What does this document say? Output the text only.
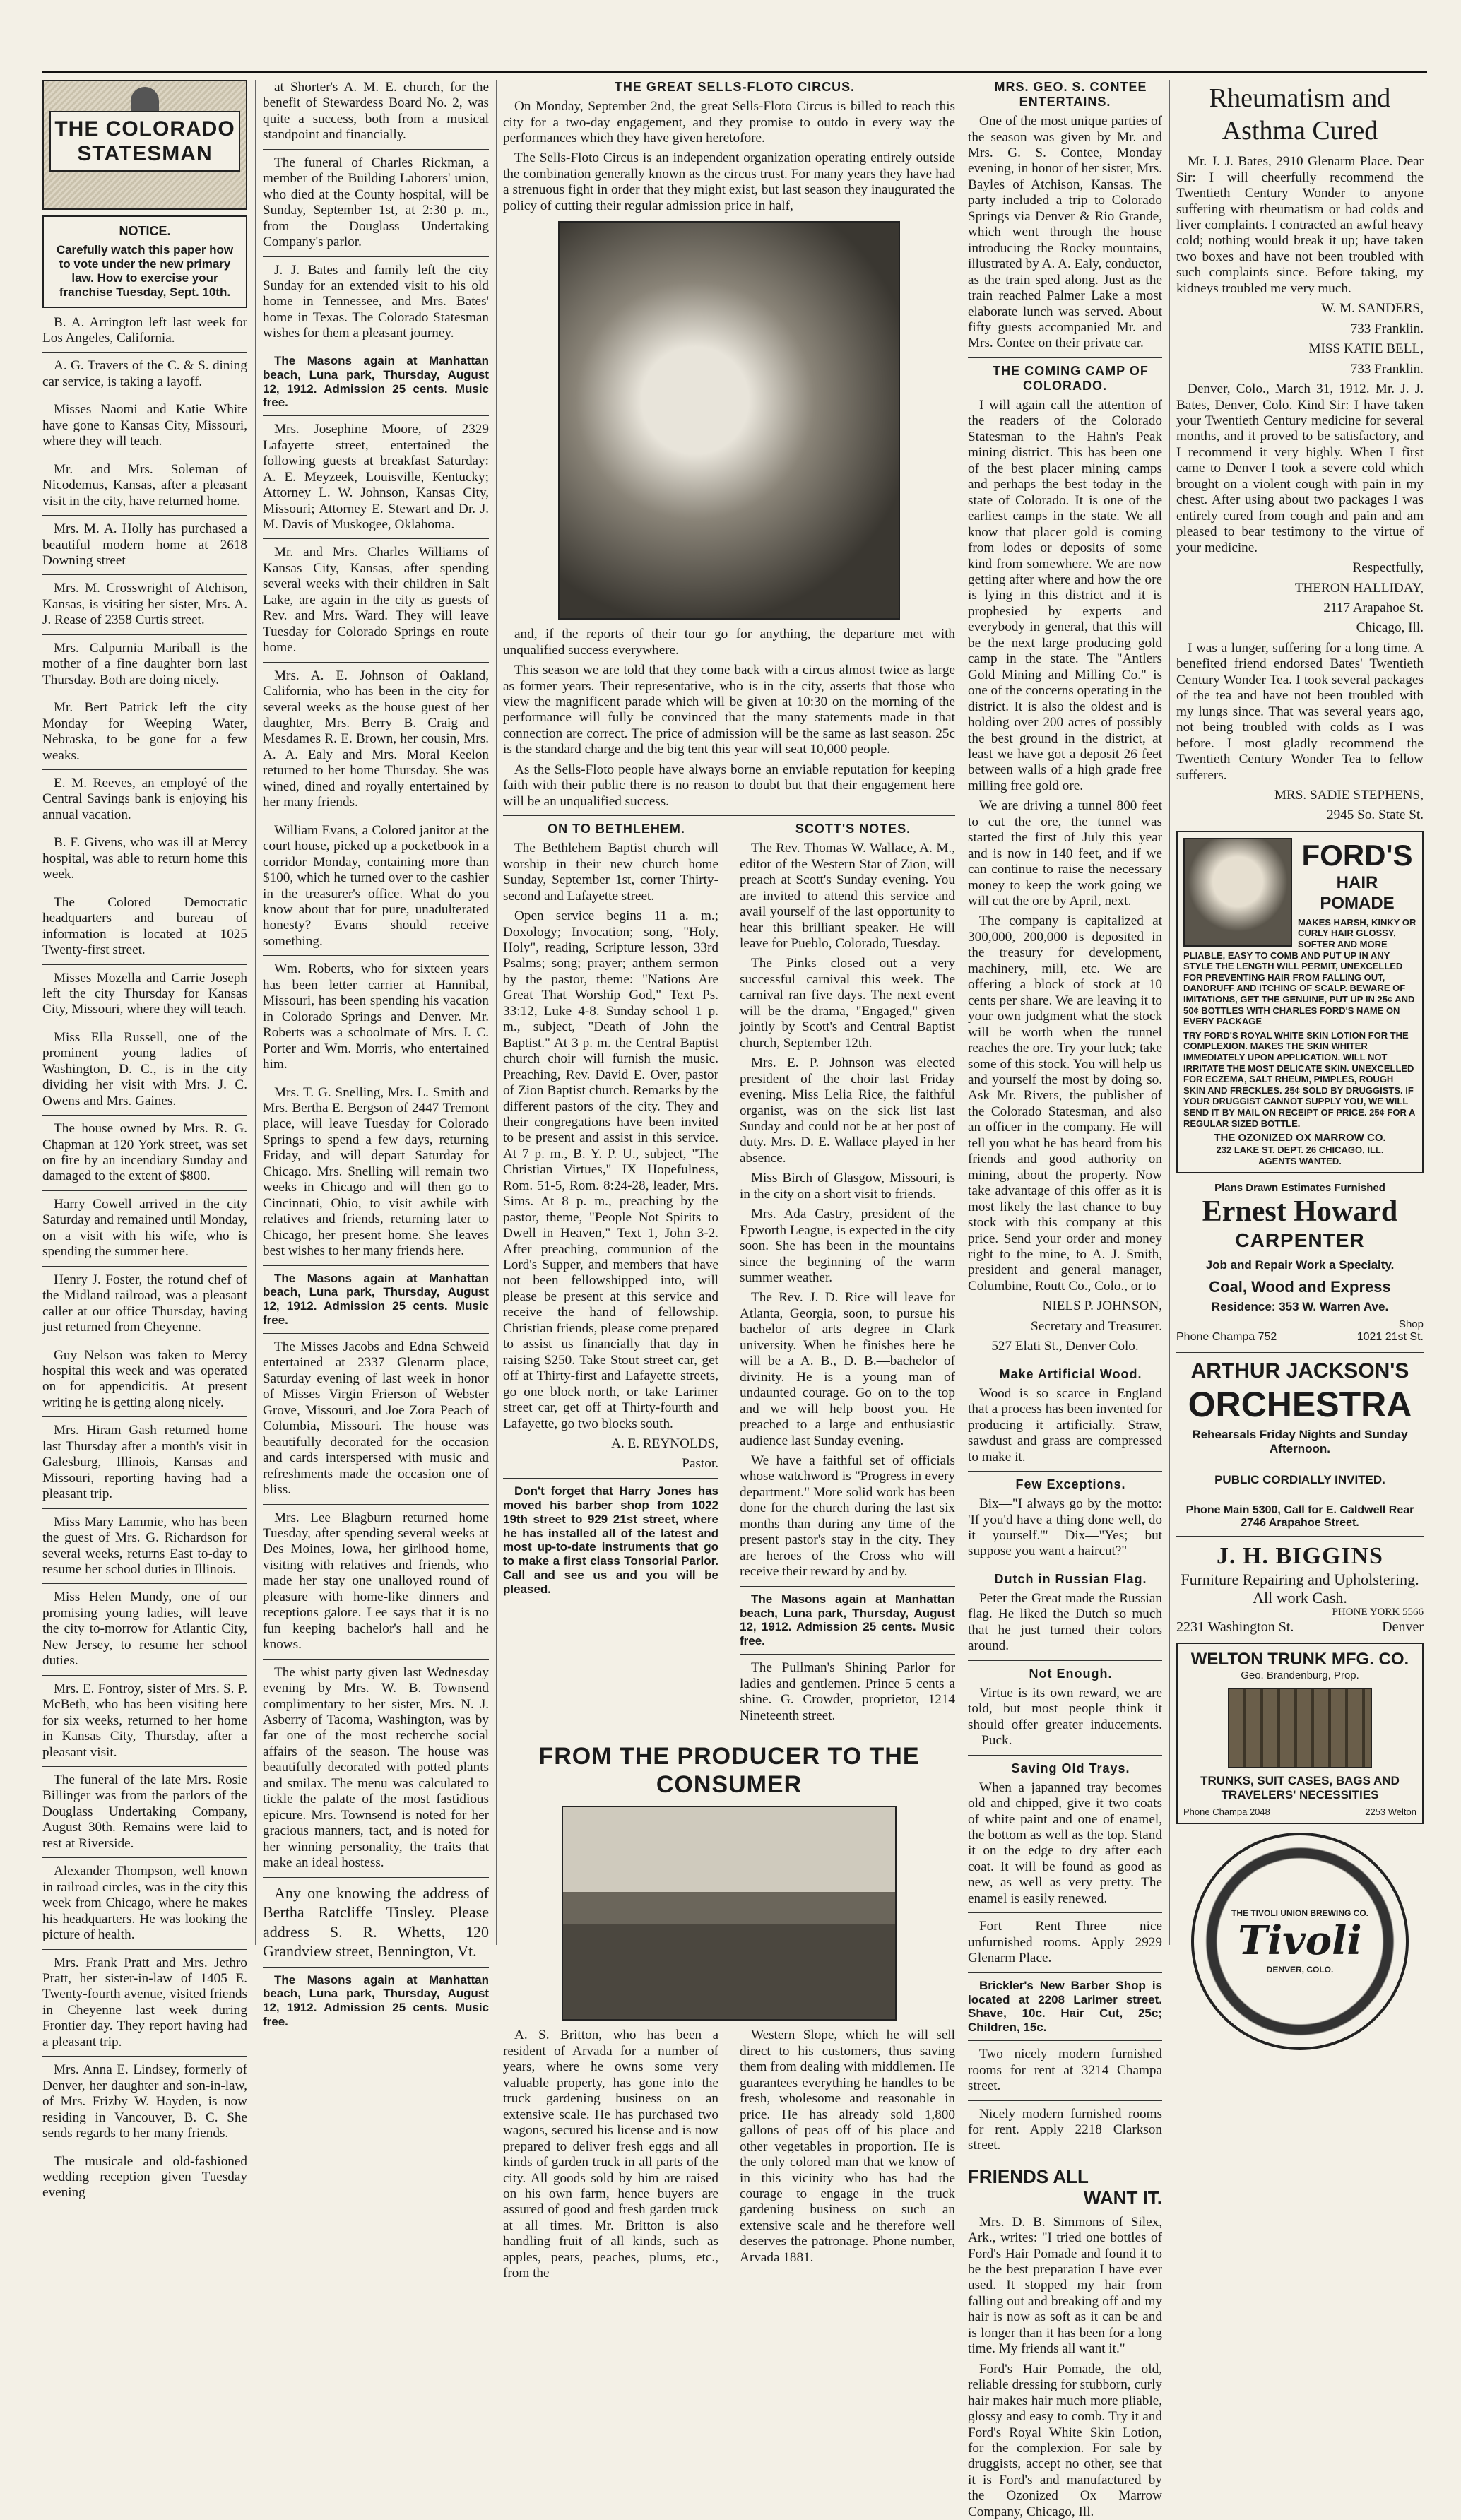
THE COLORADO STATESMAN
NOTICE.
Carefully watch this paper how to vote under the new primary law. How to exercise your franchise Tuesday, Sept. 10th.

B. A. Arrington left last week for Los Angeles, California.

A. G. Travers of the C. & S. dining car service, is taking a layoff.

Misses Naomi and Katie White have gone to Kansas City, Missouri, where they will teach.

Mr. and Mrs. Soleman of Nicodemus, Kansas, after a pleasant visit in the city, have returned home.

Mrs. M. A. Holly has purchased a beautiful modern home at 2618 Downing street

Mrs. M. Crosswright of Atchison, Kansas, is visiting her sister, Mrs. A. J. Rease of 2358 Curtis street.

Mrs. Calpurnia Mariball is the mother of a fine daughter born last Thursday. Both are doing nicely.

Mr. Bert Patrick left the city Monday for Weeping Water, Nebraska, to be gone for a few weaks.

E. M. Reeves, an employé of the Central Savings bank is enjoying his annual vacation.

B. F. Givens, who was ill at Mercy hospital, was able to return home this week.

The Colored Democratic headquarters and bureau of information is located at 1025 Twenty-first street.

Misses Mozella and Carrie Joseph left the city Thursday for Kansas City, Missouri, where they will teach.

Miss Ella Russell, one of the prominent young ladies of Washington, D. C., is in the city dividing her visit with Mrs. J. C. Owens and Mrs. Gaines.

The house owned by Mrs. R. G. Chapman at 120 York street, was set on fire by an incendiary Sunday and damaged to the extent of $800.

Harry Cowell arrived in the city Saturday and remained until Monday, on a visit with his wife, who is spending the summer here.

Henry J. Foster, the rotund chef of the Midland railroad, was a pleasant caller at our office Thursday, having just returned from Cheyenne.

Guy Nelson was taken to Mercy hospital this week and was operated on for appendicitis. At present writing he is getting along nicely.

Mrs. Hiram Gash returned home last Thursday after a month's visit in Galesburg, Illinois, Kansas and Missouri, reporting having had a pleasant trip.

Miss Mary Lammie, who has been the guest of Mrs. G. Richardson for several weeks, returns East to-day to resume her school duties in Illinois.

Miss Helen Mundy, one of our promising young ladies, will leave the city to-morrow for Atlantic City, New Jersey, to resume her school duties.

Mrs. E. Fontroy, sister of Mrs. S. P. McBeth, who has been visiting here for six weeks, returned to her home in Kansas City, Thursday, after a pleasant visit.

The funeral of the late Mrs. Rosie Billinger was from the parlors of the Douglass Undertaking Company, August 30th. Remains were laid to rest at Riverside.

Alexander Thompson, well known in railroad circles, was in the city this week from Chicago, where he makes his headquarters. He was looking the picture of health.

Mrs. Frank Pratt and Mrs. Jethro Pratt, her sister-in-law of 1405 E. Twenty-fourth avenue, visited friends in Cheyenne last week during Frontier day. They report having had a pleasant trip.

Mrs. Anna E. Lindsey, formerly of Denver, her daughter and son-in-law, of Mrs. Frizby W. Hayden, is now residing in Vancouver, B. C. She sends regards to her many friends.

The musicale and old-fashioned wedding reception given Tuesday evening

at Shorter's A. M. E. church, for the benefit of Stewardess Board No. 2, was quite a success, both from a musical standpoint and financially.

The funeral of Charles Rickman, a member of the Building Laborers' union, who died at the County hospital, will be Sunday, September 1st, at 2:30 p. m., from the Douglass Undertaking Company's parlor.

J. J. Bates and family left the city Sunday for an extended visit to his old home in Tennessee, and Mrs. Bates' home in Texas. The Colorado Statesman wishes for them a pleasant journey.

The Masons again at Manhattan beach, Luna park, Thursday, August 12, 1912. Admission 25 cents. Music free.

Mrs. Josephine Moore, of 2329 Lafayette street, entertained the following guests at breakfast Saturday: A. E. Meyzeek, Louisville, Kentucky; Attorney L. W. Johnson, Kansas City, Missouri; Attorney E. Stewart and Dr. J. M. Davis of Muskogee, Oklahoma.

Mr. and Mrs. Charles Williams of Kansas City, Kansas, after spending several weeks with their children in Salt Lake, are again in the city as guests of Rev. and Mrs. Ward. They will leave Tuesday for Colorado Springs en route home.

Mrs. A. E. Johnson of Oakland, California, who has been in the city for several weeks as the house guest of her daughter, Mrs. Berry B. Craig and Mesdames R. E. Brown, her cousin, Mrs. A. A. Ealy and Mrs. Moral Keelon returned to her home Thursday. She was wined, dined and royally entertained by her many friends.

William Evans, a Colored janitor at the court house, picked up a pocketbook in a corridor Monday, containing more than $100, which he turned over to the cashier in the treasurer's office. What do you know about that for pure, unadulterated honesty? Evans should receive something.

Wm. Roberts, who for sixteen years has been letter carrier at Hannibal, Missouri, has been spending his vacation in Colorado Springs and Denver. Mr. Roberts was a schoolmate of Mrs. J. C. Porter and Wm. Morris, who entertained him.

Mrs. T. G. Snelling, Mrs. L. Smith and Mrs. Bertha E. Bergson of 2447 Tremont place, will leave Tuesday for Colorado Springs to spend a few days, returning Friday, and will depart Saturday for Chicago. Mrs. Snelling will remain two weeks in Chicago and will then go to Cincinnati, Ohio, to visit awhile with relatives and friends, returning later to Chicago, her present home. She leaves best wishes to her many friends here.

The Masons again at Manhattan beach, Luna park, Thursday, August 12, 1912. Admission 25 cents. Music free.

The Misses Jacobs and Edna Schweid entertained at 2337 Glenarm place, Saturday evening of last week in honor of Misses Virgin Frierson of Webster Grove, Missouri, and Joe Zora Peach of Columbia, Missouri. The house was beautifully decorated for the occasion and cards interspersed with music and refreshments made the occasion one of bliss.

Mrs. Lee Blagburn returned home Tuesday, after spending several weeks at Des Moines, Iowa, her girlhood home, visiting with relatives and friends, who made her stay one unalloyed round of pleasure with home-like dinners and receptions galore. Lee says that it is no fun keeping bachelor's hall and he knows.

The whist party given last Wednesday evening by Mrs. W. B. Townsend complimentary to her sister, Mrs. N. J. Asberry of Tacoma, Washington, was by far one of the most recherche social affairs of the season. The house was beautifully decorated with potted plants and smilax. The menu was calculated to tickle the palate of the most fastidious epicure. Mrs. Townsend is noted for her gracious manners, tact, and is noted for her winning personality, the traits that make an ideal hostess.

Any one knowing the address of Bertha Ratcliffe Tinsley. Please address S. R. Whetts, 120 Grandview street, Bennington, Vt.

The Masons again at Manhattan beach, Luna park, Thursday, August 12, 1912. Admission 25 cents. Music free.

THE GREAT SELLS-FLOTO CIRCUS.

On Monday, September 2nd, the great Sells-Floto Circus is billed to reach this city for a two-day engagement, and they promise to outdo in every way the performances which they have given heretofore.

The Sells-Floto Circus is an independent organization operating entirely outside the combination generally known as the circus trust. For many years they have had a strenuous fight in order that they might exist, but last season they inaugurated the policy of cutting their regular admission price in half,

and, if the reports of their tour go for anything, the departure met with unqualified success everywhere.

This season we are told that they come back with a circus almost twice as large as former years. Their representative, who is in the city, asserts that those who view the magnificent parade which will be given at 10:30 on the morning of the performance will fully be convinced that the many statements made in that connection are correct. The price of admission will be the same as last season. 25c is the standard charge and the big tent this year will seat 10,000 people.

As the Sells-Floto people have always borne an enviable reputation for keeping faith with their public there is no reason to doubt but that their engagement here will be an unqualified success.

ON TO BETHLEHEM.

The Bethlehem Baptist church will worship in their new church home Sunday, September 1st, corner Thirty-second and Lafayette street.

Open service begins 11 a. m.; Doxology; Invocation; song, "Holy, Holy", reading, Scripture lesson, 33rd Psalms; song; prayer; anthem sermon by the pastor, theme: "Nations Are Great That Worship God," Text Ps. 33:12, Luke 4-8. Sunday school 1 p. m., subject, "Death of John the Baptist." At 3 p. m. the Central Baptist church choir will furnish the music. Preaching, Rev. David E. Over, pastor of Zion Baptist church. Remarks by the different pastors of the city. They and their congregations have been invited to be present and assist in this service. At 7 p. m., B. Y. P. U., subject, "The Christian Virtues," IX Hopefulness, Rom. 51-5, Rom. 8:24-28, leader, Mrs. Sims. At 8 p. m., preaching by the pastor, theme, "People Not Spirits to Dwell in Heaven," Text 1, John 3-2. After preaching, communion of the Lord's Supper, and members that have not been fellowshipped into, will please be present at this service and receive the hand of fellowship. Christian friends, please come prepared to assist us financially that day in raising $250. Take Stout street car, get off at Thirty-first and Lafayette streets, go one block north, or take Larimer street car, get off at Thirty-fourth and Lafayette, go two blocks south.

A. E. REYNOLDS,

Pastor.

Don't forget that Harry Jones has moved his barber shop from 1022 19th street to 929 21st street, where he has installed all of the latest and most up-to-date instruments that go to make a first class Tonsorial Parlor. Call and see us and you will be pleased.

SCOTT'S NOTES.

The Rev. Thomas W. Wallace, A. M., editor of the Western Star of Zion, will preach at Scott's Sunday evening. You are invited to attend this service and avail yourself of the last opportunity to hear this brilliant speaker. He will leave for Pueblo, Colorado, Tuesday.

The Pinks closed out a very successful carnival this week. The carnival ran five days. The next event will be the drama, "Engaged," given jointly by Scott's and Central Baptist church, September 12th.

Mrs. E. P. Johnson was elected president of the choir last Friday evening. Miss Lelia Rice, the faithful organist, was on the sick list last Sunday and could not be at her post of duty. Mrs. D. E. Wallace played in her absence.

Miss Birch of Glasgow, Missouri, is in the city on a short visit to friends.

Mrs. Ada Castry, president of the Epworth League, is expected in the city soon. She has been in the mountains since the beginning of the warm summer weather.

The Rev. J. D. Rice will leave for Atlanta, Georgia, soon, to pursue his bachelor of arts degree in Clark university. When he finishes here he will be a A. B., D. B.—bachelor of divinity. He is a young man of undaunted courage. Go on to the top and we will help boost you. He preached to a large and enthusiastic audience last Sunday evening.

We have a faithful set of officials whose watchword is "Progress in every department." More solid work has been done for the church during the last six months than during any time of the present pastor's stay in the city. They are heroes of the Cross who will receive their reward by and by.

The Masons again at Manhattan beach, Luna park, Thursday, August 12, 1912. Admission 25 cents. Music free.

The Pullman's Shining Parlor for ladies and gentlemen. Prince 5 cents a shine. G. Crowder, proprietor, 1214 Nineteenth street.

FROM THE PRODUCER TO THE CONSUMER

A. S. Britton, who has been a resident of Arvada for a number of years, where he owns some very valuable property, has gone into the truck gardening business on an extensive scale. He has purchased two wagons, secured his license and is now prepared to deliver fresh eggs and all kinds of garden truck in all parts of the city. All goods sold by him are raised on his own farm, hence buyers are assured of good and fresh garden truck at all times. Mr. Britton is also handling fruit of all kinds, such as apples, pears, peaches, plums, etc., from the

Western Slope, which he will sell direct to his customers, thus saving them from dealing with middlemen. He guarantees everything he handles to be fresh, wholesome and reasonable in price. He has already sold 1,800 gallons of peas off of his place and other vegetables in proportion. He is the only colored man that we know of in this vicinity who has had the courage to engage in the truck gardening business on such an extensive scale and he therefore well deserves the patronage. Phone number, Arvada 1881.

MRS. GEO. S. CONTEE ENTERTAINS.

One of the most unique parties of the season was given by Mr. and Mrs. G. S. Contee, Monday evening, in honor of her sister, Mrs. Bayles of Atchison, Kansas. The party included a trip to Colorado Springs via Denver & Rio Grande, which went through the house introducing the Rocky mountains, illustrated by A. A. Ealy, conductor, as the train sped along. Just as the train reached Palmer Lake a most elaborate lunch was served. About fifty guests accompanied Mr. and Mrs. Contee on their private car.

THE COMING CAMP OF COLORADO.

I will again call the attention of the readers of the Colorado Statesman to the Hahn's Peak mining district. This has been one of the best placer mining camps and perhaps the best today in the state of Colorado. It is one of the earliest camps in the state. We all know that placer gold is coming from lodes or deposits of some kind from somewhere. We are now getting after where and how the ore is lying in this district and it is prophesied by experts and everybody in general, that this will be the next large producing gold camp in the state. The "Antlers Gold Mining and Milling Co." is one of the concerns operating in the district. It is also the oldest and is holding over 200 acres of possibly the best ground in the district, at least we have got a deposit 26 feet between walls of a high grade free milling free gold ore.

We are driving a tunnel 800 feet to cut the ore, the tunnel was started the first of July this year and is now in 140 feet, and if we can continue to raise the necessary money to keep the work going we will cut the ore by April, next.

The company is capitalized at 300,000, 200,000 is deposited in the treasury for development, machinery, mill, etc. We are offering a block of stock at 10 cents per share. We are leaving it to your own judgment what the stock will be worth when the tunnel reaches the ore. Try your luck; take some of this stock. You will help us and yourself the most by doing so. Ask Mr. Rivers, the publisher of the Colorado Statesman, and also an officer in the company. He will tell you what he has heard from his friends and good authority on mining, about the property. Now take advantage of this offer as it is most likely the last chance to buy stock with this company at this price. Send your order and money right to the mine, to A. J. Smith, president and general manager, Columbine, Routt Co., Colo., or to

NIELS P. JOHNSON,

Secretary and Treasurer.

527 Elati St., Denver Colo.

Make Artificial Wood.

Wood is so scarce in England that a process has been invented for producing it artificially. Straw, sawdust and grass are compressed to make it.

Few Exceptions.

Bix—"I always go by the motto: 'If you'd have a thing done well, do it yourself.'" Dix—"Yes; but suppose you want a haircut?"

Dutch in Russian Flag.

Peter the Great made the Russian flag. He liked the Dutch so much that he just turned their colors around.

Not Enough.

Virtue is its own reward, we are told, but most people think it should offer greater inducements.—Puck.

Saving Old Trays.

When a japanned tray becomes old and chipped, give it two coats of white paint and one of enamel, the bottom as well as the top. Stand it on the edge to dry after each coat. It will be found as good as new, as well as very pretty. The enamel is easily renewed.

Fort Rent—Three nice unfurnished rooms. Apply 2929 Glenarm Place.

Brickler's New Barber Shop is located at 2208 Larimer street. Shave, 10c. Hair Cut, 25c; Children, 15c.

Two nicely modern furnished rooms for rent at 3214 Champa street.

Nicely modern furnished rooms for rent. Apply 2218 Clarkson street.

FRIENDS ALL
WANT IT.

Mrs. D. B. Simmons of Silex, Ark., writes: "I tried one bottles of Ford's Hair Pomade and found it to be the best preparation I have ever used. It stopped my hair from falling out and breaking off and my hair is now as soft as it can be and is longer than it has been for a long time. My friends all want it."

Ford's Hair Pomade, the old, reliable dressing for stubborn, curly hair makes hair much more pliable, glossy and easy to comb. Try it and Ford's Royal White Skin Lotion, for the complexion. For sale by druggists, accept no other, see that it is Ford's and manufactured by the Ozonized Ox Marrow Company, Chicago, Ill.

Rheumatism and
Asthma Cured

Mr. J. J. Bates, 2910 Glenarm Place. Dear Sir: I will cheerfully recommend the Twentieth Century Wonder to anyone suffering with rheumatism or bad colds and liver complaints. I contracted an awful heavy cold; nothing would break it up; have taken two boxes and have not been troubled with such complaints since. Before taking, my kidneys troubled me very much.

W. M. SANDERS,

733 Franklin.

MISS KATIE BELL,

733 Franklin.

Denver, Colo., March 31, 1912. Mr. J. J. Bates, Denver, Colo. Kind Sir: I have taken your Twentieth Century medicine for several months, and it proved to be satisfactory, and I recommend it very highly. When I first came to Denver I took a severe cold which brought on a violent cough with pain in my chest. After using about two packages I was entirely cured from cough and pain and am pleased to bear testimony to the virtue of your medicine.

Respectfully,

THERON HALLIDAY,

2117 Arapahoe St.

Chicago, Ill.

I was a lunger, suffering for a long time. A benefited friend endorsed Bates' Twentieth Century Wonder Tea. I took several packages of the tea and have not been troubled with my lungs since. That was several years ago, not being troubled with colds as I was before. I most gladly recommend the Twentieth Century Wonder Tea to fellow sufferers.

MRS. SADIE STEPHENS,

2945 So. State St.

FORD'S
HAIR POMADE
MAKES HARSH, KINKY OR CURLY HAIR GLOSSY, SOFTER AND MORE PLIABLE, EASY TO COMB AND PUT UP IN ANY STYLE THE LENGTH WILL PERMIT, UNEXCELLED FOR PREVENTING HAIR FROM FALLING OUT, DANDRUFF AND ITCHING OF SCALP. BEWARE OF IMITATIONS, GET THE GENUINE, PUT UP IN 25¢ AND 50¢ BOTTLES WITH CHARLES FORD'S NAME ON EVERY PACKAGE
TRY FORD'S ROYAL WHITE SKIN LOTION FOR THE COMPLEXION. MAKES THE SKIN WHITER IMMEDIATELY UPON APPLICATION. WILL NOT IRRITATE THE MOST DELICATE SKIN. UNEXCELLED FOR ECZEMA, SALT RHEUM, PIMPLES, ROUGH SKIN AND FRECKLES. 25¢ SOLD BY DRUGGISTS. IF YOUR DRUGGIST CANNOT SUPPLY YOU, WE WILL SEND IT BY MAIL ON RECEIPT OF PRICE. 25¢ FOR A REGULAR SIZED BOTTLE.
THE OZONIZED OX MARROW CO.
232 LAKE ST. DEPT. 26 CHICAGO, ILL.
AGENTS WANTED.
Plans Drawn Estimates Furnished
Ernest Howard
CARPENTER
Job and Repair Work a Specialty.
Coal, Wood and Express
Residence: 353 W. Warren Ave.
Shop
Phone Champa 752	1021 21st St.
ARTHUR JACKSON'S
ORCHESTRA
Rehearsals Friday Nights and Sunday Afternoon.
PUBLIC CORDIALLY INVITED.
Phone Main 5300, Call for E. Caldwell Rear 2746 Arapahoe Street.
J. H. BIGGINS
Furniture Repairing and Upholstering. All work Cash.
PHONE YORK 5566
2231 Washington St.	Denver
WELTON TRUNK MFG. CO.
Geo. Brandenburg, Prop.
TRUNKS, SUIT CASES, BAGS AND TRAVELERS' NECESSITIES
Phone Champa 2048	2253 Welton
THE TIVOLI UNION BREWING CO.
Tivoli
DENVER, COLO.
